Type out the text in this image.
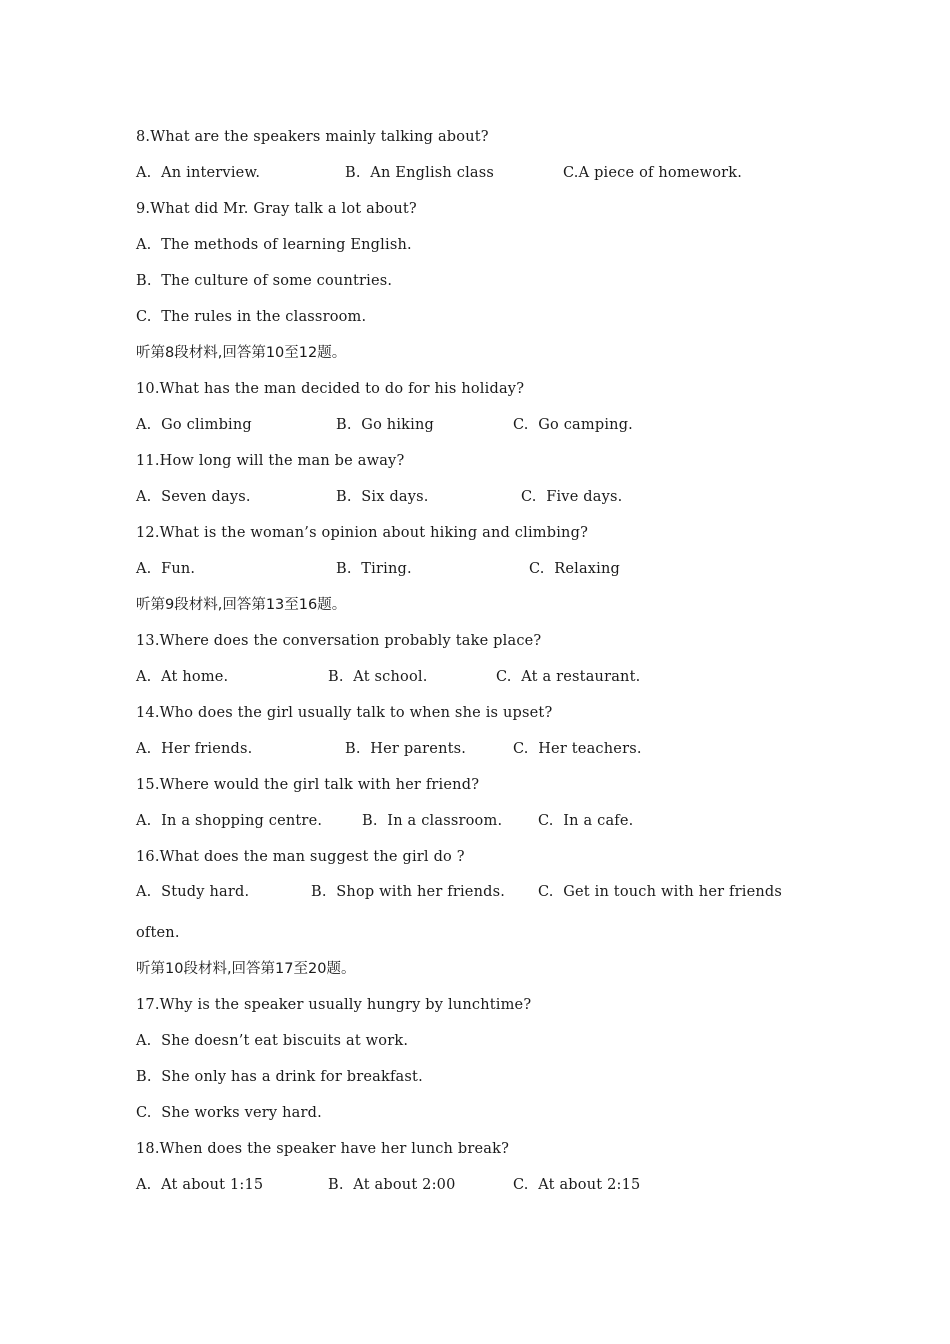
8.What are the speakers mainly talking about?
A.  An interview.	B.  An English class	C.A piece of homework.
9.What did Mr. Gray talk a lot about?
A.  The methods of learning English.
B.  The culture of some countries.
C.  The rules in the classroom.
听第8段材料,回答第10至12题。
10.What has the man decided to do for his holiday?
A.  Go climbing	B.  Go hiking	C.  Go camping.
11.How long will the man be away?
A.  Seven days.	B.  Six days.	C.  Five days.
12.What is the woman’s opinion about hiking and climbing?
A.  Fun.	B.  Tiring.	C.  Relaxing
听第9段材料,回答第13至16题。
13.Where does the conversation probably take place?
A.  At home.	B.  At school.	C.  At a restaurant.
14.Who does the girl usually talk to when she is upset?
A.  Her friends.	B.  Her parents.	C.  Her teachers.
15.Where would the girl talk with her friend?
A.  In a shopping centre.	B.  In a classroom. C.  In a cafe.
16.What does the man suggest the girl do ?
A.  Study hard.	B.  Shop with her friends. C.  Get in touch with her friends
often.
听第10段材料,回答第17至20题。
17.Why is the speaker usually hungry by lunchtime?
A.  She doesn’t eat biscuits at work.
B.  She only has a drink for breakfast.
C.  She works very hard.
18.When does the speaker have her lunch break?
A.  At about 1:15	B.  At about 2:00	C.  At about 2:15
